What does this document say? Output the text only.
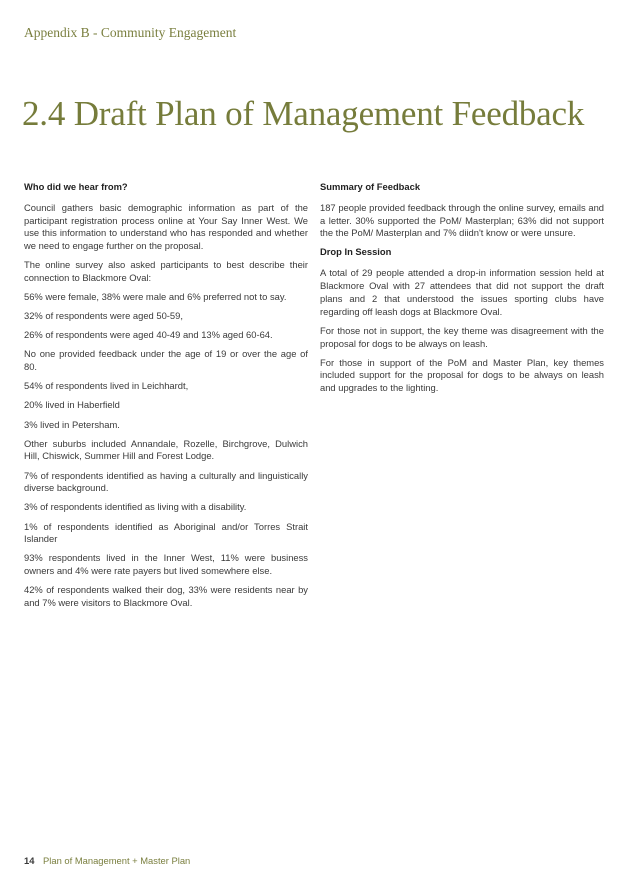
Appendix B - Community Engagement
2.4 Draft Plan of Management Feedback
Who did we hear from?

Council gathers basic demographic information as part of the participant registration process online at Your Say Inner West. We use this information to understand who has responded and whether we need to engage further on the proposal.

The online survey also asked participants to best describe their connection to Blackmore Oval:

56% were female, 38% were male and 6% preferred not to say.

32% of respondents were aged 50-59,

26% of respondents were aged 40-49 and 13% aged 60-64.

No one provided feedback under the age of 19 or over the age of 80.

54% of respondents lived in Leichhardt,

20% lived in Haberfield

3% lived in Petersham.

Other suburbs included Annandale, Rozelle, Birchgrove, Dulwich Hill, Chiswick, Summer Hill and Forest Lodge.

7% of respondents identified as having a culturally and linguistically diverse background.

3% of respondents identified as living with a disability.

1% of respondents identified as Aboriginal and/or Torres Strait Islander

93% respondents lived in the Inner West, 11% were business owners and 4% were rate payers but lived somewhere else.

42% of respondents walked their dog, 33% were residents near by and 7% were visitors to Blackmore Oval.

Summary of Feedback

187 people provided feedback through the online survey, emails and a letter. 30% supported the PoM/ Masterplan; 63% did not support the the PoM/ Masterplan and 7% diidn't know or were unsure.

Drop In Session

A total of 29 people attended a drop-in information session held at Blackmore Oval with 27 attendees that did not support the draft plans and 2 that understood the issues sporting clubs have regarding off leash dogs at Blackmore Oval.

For those not in support, the key theme was disagreement with the proposal for dogs to be always on leash.

For those in support of the PoM and Master Plan, key themes included support for the proposal for dogs to be always on leash and upgrades to the lighting.

14 Plan of Management + Master Plan
